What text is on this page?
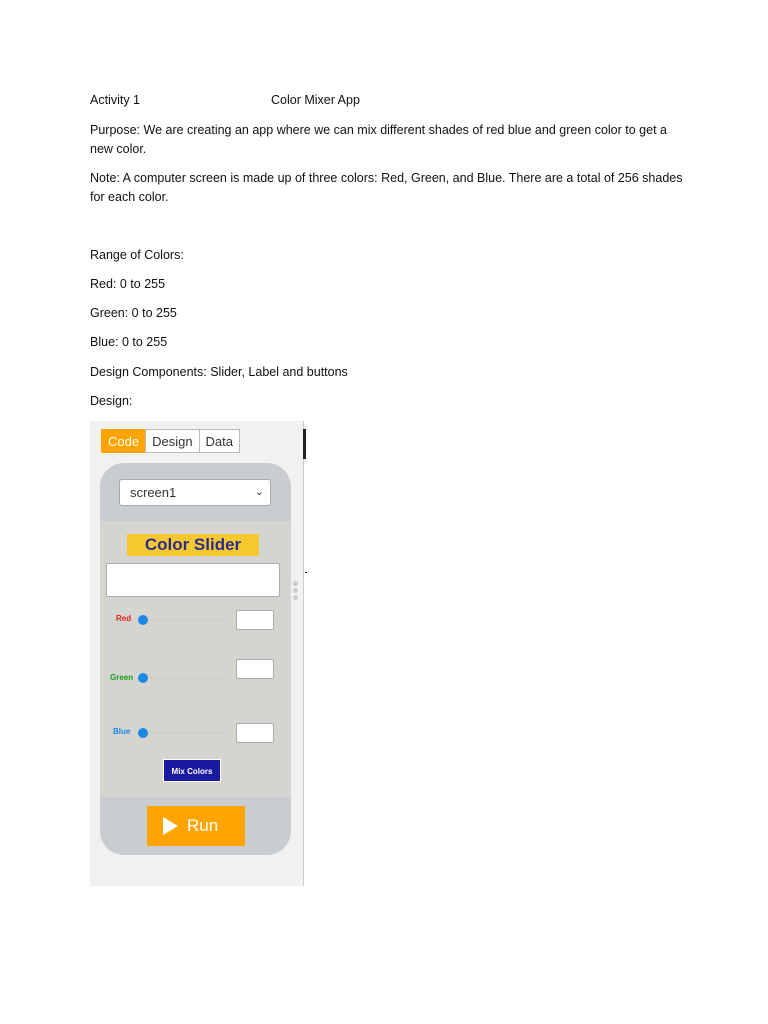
Activity 1	Color Mixer App
Purpose: We are creating an app where we can mix different shades of red blue and green color to get a new color.
Note: A computer screen is made up of three colors: Red, Green, and Blue. There are a total of 256 shades for each color.
Range of Colors:
Red: 0 to 255
Green: 0 to 255
Blue: 0 to 255
Design Components: Slider, Label and buttons
Design:
Code	Design	Data
screen1	⌄
Color Slider
Red
Green
Blue
Mix Colors
Run
